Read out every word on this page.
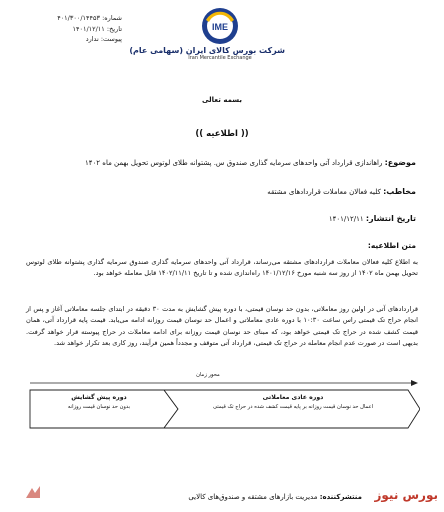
شماره: ۴۰۱/۳۰۰/۱۴۴۵۳
تاریخ: ۱۴۰۱/۱۲/۱۱
پیوست: ندارد
IME
شرکت بورس کالای ایران (سهامی عام)
Iran Mercantile Exchange
بسمه تعالی
(( اطلاعیه ))
موضوع: راهاندازی قرارداد آتی واحدهای سرمایه گذاری صندوق س. پشتوانه طلای لوتوس تحویل بهمن ماه ۱۴۰۲
مخاطب: کلیه فعالان معاملات قراردادهای مشتقه
تاریخ انتشار: ۱۴۰۱/۱۲/۱۱
متن اطلاعیه:
به اطلاع کلیه فعالان معاملات قراردادهای مشتقه می‌رساند، قرارداد آتی واحدهای سرمایه گذاری صندوق سرمایه گذاری پشتوانه طلای لوتوس تحویل بهمن ماه ۱۴۰۲ از روز سه شنبه مورخ ۱۴۰۱/۱۲/۱۶ راه‌اندازی شده و تا تاریخ ۱۴۰۲/۱۱/۱۱ قابل معامله خواهد بود.
قراردادهای آتی در اولین روز معاملاتی، بدون حد نوسان قیمتی، با دوره پیش گشایش به مدت ۳۰ دقیقه در ابتدای جلسه معاملاتی آغاز و پس از انجام حراج تک قیمتی راس ساعت ۱۰:۳۰ با دوره عادی معاملاتی و اعمال حد نوسان قیمت روزانه ادامه می‌یابد. قیمت پایه قرارداد آتی، همان قیمت کشف شده در حراج تک قیمتی خواهد بود، که مبنای حد نوسان قیمت روزانه برای ادامه معاملات در حراج پیوسته قرار خواهد گرفت. بدیهی است در صورت عدم انجام معامله در حراج تک قیمتی، قرارداد آتی متوقف و مجدداً همین فرآیند، روز کاری بعد تکرار خواهد شد.
محور زمان
دوره پیش گشایش
بدون حد نوسان قیمت روزانه
دوره عادی معاملاتی
اعمال حد نوسان قیمت روزانه بر پایه قیمت کشف شده در حراج تک قیمتی
بورس نیوز
منتشرکننده: مدیریت بازارهای مشتقه و صندوق‌های کالایی
